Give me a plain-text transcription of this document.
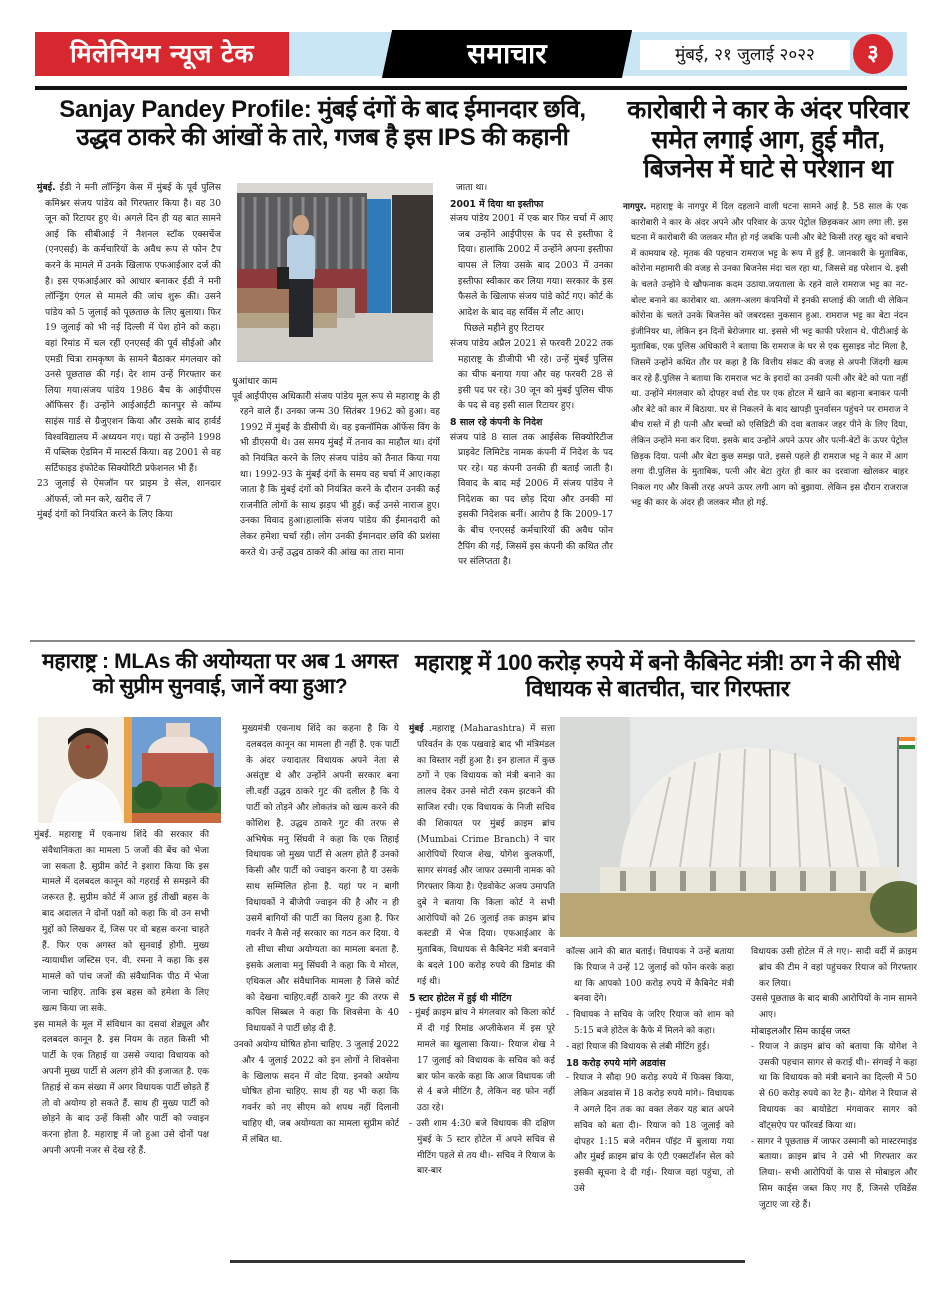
मिलेनियम न्यूज टेक	समाचार	मुंबई, २१ जुलाई २०२२	३
Sanjay Pandey Profile: मुंबई दंगों के बाद ईमानदार छवि, उद्धव ठाकरे की आंखों के तारे, गजब है इस IPS की कहानी

मुंबई. ईडी ने मनी लॉन्ड्रिंग केस में मुंबई के पूर्व पुलिस कमिश्नर संजय पांडेय को गिरफ्तार किया है। वह 30 जून को रिटायर हुए थे। अगले दिन ही यह बात सामने आई कि सीबीआई ने नैशनल स्टॉक एक्सचेंज (एनएसई) के कर्मचारियों के अवैध रूप से फोन टैप करने के मामले में उनके खिलाफ एफआईआर दर्ज की है। इस एफआईआर को आधार बनाकर ईडी ने मनी लॉन्ड्रिंग एंगल से मामले की जांच शुरू की। उसने पांडेय को 5 जुलाई को पूछताछ के लिए बुलाया। फिर 19 जुलाई को भी नई दिल्ली में पेश होने को कहा। वहां रिमांड में चल रहीं एनएसई की पूर्व सीईओ और एमडी चित्रा रामकृष्ण के सामने बैठाकर मंगलवार को उनसे पूछताछ की गई। देर शाम उन्हें गिरफ्तार कर लिया गया।संजय पांडेय 1986 बैच के आईपीएस ऑफिसर हैं। उन्होंने आईआईटी कानपुर से कॉम्प साइंस गार्ड से ग्रैजुएशन किया और उसके बाद हार्वर्ड विश्वविद्यालय में अध्ययन गए। यहां से उन्होंने 1998 में पब्लिक ऐडमिन में मास्टर्स किया। वह 2001 से वह सर्टिफाइड इंफोटेक सिक्योरिटी प्रफेशनल भी हैं।

23 जुलाई से ऐमजॉन पर प्राइम डे सेल, शानदार ऑफर्स, जो मन करे, खरीद लें 7

मुंबई दंगों को नियंत्रित करने के लिए किया

धुआंधार काम

पूर्व आईपीएस अधिकारी संजय पांडेय मूल रूप से महाराष्ट्र के ही रहने वाले हैं। उनका जन्म 30 सितंबर 1962 को हुआ। वह 1992 में मुंबई के डीसीपी थे। वह इकनॉमिक ऑफेंस विंग के भी डीएसपी थे। उस समय मुंबई में तनाव का माहौल था। दंगों को नियंत्रित करने के लिए संजय पांडेय को तैनात किया गया था। 1992-93 के मुंबई दंगों के समय वह चर्चा में आए।कहा जाता है कि मुंबई दंगों को नियंत्रित करने के दौरान उनकी कई राजनीति लोगों के साथ झड़प भी हुई। कई उनसे नाराज हुए। उनका विवाद हुआ।हालांकि संजय पांडेय की ईमानदारी को लेकर हमेशा चर्चा रही। लोग उनकी ईमानदार छवि की प्रशंसा करते थे। उन्हें उद्धव ठाकरे की आंख का तारा माना

जाता था।

2001 में दिया था इस्तीफा

संजय पांडेय 2001 में एक बार फिर चर्चा में आए जब उन्होंने आईपीएस के पद से इस्तीफा दे दिया। हालांकि 2002 में उन्होंने अपना इस्तीफा वापस ले लिया उसके बाद 2003 में उनका इस्तीफा स्वीकार कर लिया गया। सरकार के इस फैसले के खिलाफ संजय पांडे कोर्ट गए। कोर्ट के आदेश के बाद वह सर्विस में लौट आए।

पिछले महीने हुए रिटायर

संजय पांडेय अप्रैल 2021 से फरवरी 2022 तक महाराष्ट्र के डीजीपी भी रहे। उन्हें मुंबई पुलिस का चीफ बनाया गया और वह फरवरी 28 से इसी पद पर रहे। 30 जून को मुंबई पुलिस चीफ के पद से वह इसी साल रिटायर हुए।

8 साल रहे कंपनी के निदेश

संजय पांडे 8 साल तक आईसेक सिक्योरिटीज प्राइवेट लिमिटेड नामक कंपनी में निदेश के पद पर रहे। यह कंपनी उनकी ही बताई जाती है। विवाद के बाद मई 2006 में संजय पांडेय ने निदेशक का पद छोड़ दिया और उनकी मां इसकी निदेशक बनीं। आरोप है कि 2009-17 के बीच एनएसई कर्मचारियों की अवैध फोन टैपिंग की गई, जिसमें इस कंपनी की कथित तौर पर संलिप्तता है।

कारोबारी ने कार के अंदर परिवार समेत लगाई आग, हुई मौत, बिजनेस में घाटे से परेशान था

नागपुर. महाराष्ट्र के नागपुर में दिल दहलाने वाली घटना सामने आई है. 58 साल के एक कारोबारी ने कार के अंदर अपने और परिवार के ऊपर पेट्रोल छिड़ककर आग लगा ली. इस घटना में कारोबारी की जलकर मौत हो गई जबकि पत्नी और बेटे किसी तरह खुद को बचाने में कामयाब रहे. मृतक की पहचान रामराज भट्ट के रूप में हुई है. जानकारी के मुताबिक, कोरोना महामारी की वजह से उनका बिजनेस मंदा चल रहा था, जिससे वह परेशान थे. इसी के चलते उन्होंने ये खौफनाक कदम उठाया.जयताला के रहने वाले रामराज भट्ट का नट-बोल्ट बनाने का कारोबार था. अलग-अलग कंपनियों में इनकी सप्लाई की जाती थी लेकिन कोरोना के चलते उनके बिजनेस को जबरदस्त नुकसान हुआ. रामराज भट्ट का बेटा नंदन इंजीनियर था, लेकिन इन दिनों बेरोजगार था. इससे भी भट्ट काफी परेशान थे. पीटीआई के मुताबिक, एक पुलिस अधिकारी ने बताया कि रामराज के घर से एक सुसाइड नोट मिला है, जिसमें उन्होंने कथित तौर पर कहा है कि वित्तीय संकट की वजह से अपनी जिंदगी खत्म कर रहे हैं.पुलिस ने बताया कि रामराज भट के इरादों का उनकी पत्नी और बेटे को पता नहीं था. उन्होंने मंगलवार को दोपहर वर्धा रोड पर एक होटल में खाने का बहाना बनाकर पत्नी और बेटे को कार में बिठाया. घर से निकलने के बाद खापड़ी पुनर्वासन पहुंचने पर रामराज ने बीच रास्ते में ही पत्नी और बच्चों को एसिडिटी की दवा बताकर जहर पीने के लिए दिया, लेकिन उन्होंने मना कर दिया. इसके बाद उन्होंने अपने ऊपर और पत्नी-बेटों के ऊपर पेट्रोल छिड़क दिया. पत्नी और बेटा कुछ समझ पाते, इससे पहले ही रामराज भट्ट ने कार में आग लगा दी.पुलिस के मुताबिक, पत्नी और बेटा तुरंत ही कार का दरवाजा खोलकर बाहर निकल गए और किसी तरह अपने ऊपर लगी आग को बुझाया. लेकिन इस दौरान राजराज भट्ट की कार के अंदर ही जलकर मौत हो गई.

महाराष्ट्र : MLAs की अयोग्यता पर अब 1 अगस्त को सुप्रीम सुनवाई, जानें क्या हुआ?

मुंबई. महाराष्ट्र में एकनाथ शिंदे की सरकार की संवैधानिकता का मामला 5 जजों की बेंच को भेजा जा सकता है. सुप्रीम कोर्ट ने इशारा किया कि इस मामले में दलबदल कानून को गहराई से समझने की जरूरत है. सुप्रीम कोर्ट में आज हुई तीखी बहस के बाद अदालत ने दोनों पक्षों को कहा कि वो उन सभी मुद्दों को लिखकर दें, जिस पर वो बहस करना चाहते हैं. फिर एक अगस्त को सुनवाई होगी. मुख्य न्यायाधीश जस्टिस एन. वी. रमना ने कहा कि इस मामले को पांच जजों की संवैधानिक पीठ में भेजा जाना चाहिए. ताकि इस बहस को हमेशा के लिए खत्म किया जा सके.

इस मामले के मूल में संविधान का दसवां शेड्यूल और दलबदल कानून है. इस नियम के तहत किसी भी पार्टी के एक तिहाई या उससे ज्यादा विधायक को अपनी मुख्य पार्टी से अलग होने की इजाजत है. एक तिहाई से कम संख्या में अगर विधायक पार्टी छोड़ते हैं तो वो अयोग्य हो सकते हैं. साथ ही मुख्य पार्टी को छोड़ने के बाद उन्हें किसी और पार्टी को ज्वाइन करना होता है. महाराष्ट्र में जो हुआ उसे दोनों पक्ष अपनी अपनी नजर से देख रहे हैं.

मुख्यमंत्री एकनाथ शिंदे का कहना है कि ये दलबदल कानून का मामला ही नहीं है. एक पार्टी के अंदर ज्यादातर विधायक अपने नेता से असंतुष्ट थे और उन्होंने अपनी सरकार बना ली.वहीं उद्धव ठाकरे गुट की दलील है कि ये पार्टी को तोड़ने और लोकतंत्र को खत्म करने की कोशिश है. उद्धव ठाकरे गुट की तरफ से अभिषेक मनु सिंघवी ने कहा कि एक तिहाई विधायक जो मुख्य पार्टी से अलग होते हैं उनको किसी और पार्टी को ज्वाइन करना है या उसके साथ सम्मिलित होना है. यहां पर न बागी विधायकों ने बीजेपी ज्वाइन की है और न ही उसमें बागियों की पार्टी का विलय हुआ है. फिर गवर्नर ने कैसे नई सरकार का गठन कर दिया. ये तो सीधा सीधा अयोग्यता का मामला बनता है. इसके अलावा मनु सिंघवी ने कहा कि ये मोरल, एथिकल और संवैधानिक मामला है जिसे कोर्ट को देखना चाहिए.वहीं ठाकरे गुट की तरफ से कपिल सिब्बल ने कहा कि शिवसेना के 40 विधायकों ने पार्टी छोड़ दी है.

उनको अयोग्य घोषित होना चाहिए. 3 जुलाई 2022 और 4 जुलाई 2022 को इन लोगों ने शिवसेना के खिलाफ सदन में वोट दिया. इनको अयोग्य घोषित होना चाहिए. साथ ही यह भी कहा कि गवर्नर को नए सीएम को शपथ नहीं दिलानी चाहिए थी, जब अयोग्यता का मामला सुप्रीम कोर्ट में लंबित था.

महाराष्ट्र में 100 करोड़ रुपये में बनो कैबिनेट मंत्री! ठग ने की सीधे विधायक से बातचीत, चार गिरफ्तार

मुंबई .महाराष्ट्र (Maharashtra) में सत्ता परिवर्तन के एक पखवाड़े बाद भी मंत्रिमंडल का विस्तार नहीं हुआ है। इन हालात में कुछ ठगों ने एक विधायक को मंत्री बनाने का लालच देकर उनसे मोटी रकम झटकने की साजिश रची। एक विधायक के निजी सचिव की शिकायत पर मुंबई क्राइम ब्रांच (Mumbai Crime Branch) ने चार आरोपियों रियाज शेख, योगेश कुलकर्णी, सागर संगवई और जाफर उस्मानी नामक को गिरफ्तार किया है। ऐडवोकेट अजय उमापति दुबे ने बताया कि किला कोर्ट ने सभी आरोपियों को 26 जुलाई तक क्राइम ब्रांच कस्टडी में भेज दिया। एफआईआर के मुताबिक, विधायक से कैबिनेट मंत्री बनवाने के बदले 100 करोड़ रुपये की डिमांड की गई थी।

5 स्टार होटेल में हुई थी मीटिंग

- मुंबई क्राइम ब्रांच ने मंगलवार को किला कोर्ट में दी गई रिमांड अप्लीकेशन में इस पूरे मामले का खुलासा किया।- रियाज शेख ने 17 जुलाई को विधायक के सचिव को कई बार फोन करके कहा कि आज विधायक जी से 4 बजे मीटिंग है, लेकिन वह फोन नहीं उठा रहे।

- उसी शाम 4:30 बजे विधायक की दक्षिण मुंबई के 5 स्टार होटेल में अपने सचिव से मीटिंग पहले से तय थी।- सचिव ने रियाज के बार-बार

कॉल्स आने की बात बताई। विधायक ने उन्हें बताया कि रियाज ने उन्हें 12 जुलाई को फोन करके कहा था कि आपको 100 करोड़ रुपये में कैबिनेट मंत्री बनवा देंगे।

- विधायक ने सचिव के जरिए रियाज को शाम को 5:15 बजे होटेल के कैफे में मिलने को कहा।

- वहां रियाज की विधायक से लंबी मीटिंग हुई।

18 करोड़ रुपये मांगे अडवांस

- रियाज ने सौदा 90 करोड़ रुपये में फिक्स किया, लेकिन अडवांस में 18 करोड़ रुपये मांगे।- विधायक ने अगले दिन तक का वक्त लेकर यह बात अपने सचिव को बता दी।- रियाज को 18 जुलाई को दोपहर 1:15 बजे नरीमन पॉइंट में बुलाया गया और मुंबई क्राइम ब्रांच के एंटी एक्सटॉर्शन सेल को इसकी सूचना दे दी गई।- रियाज वहां पहुंचा, तो उसे

विधायक उसी होटेल में ले गए।- सादी वर्दी में क्राइम ब्रांच की टीम ने वहां पहुंचकर रियाज को गिरफ्तार कर लिया।

उससे पूछताछ के बाद बाकी आरोपियों के नाम सामने आए।

मोबाइलऔर सिम कार्ड्स जब्त

- रियाज ने क्राइम ब्रांच को बताया कि योगेश ने उसकी पहचान सागर से कराई थी।- संगवई ने कहा था कि विधायक को मंत्री बनाने का दिल्ली में 50 से 60 करोड़ रुपये का रेट है।- योगेश ने रियाज से विधायक का बायोडेटा मंगवाकर सागर को वॉट्सऐप पर फॉरवर्ड किया था।

- सागर ने पूछताछ में जाफर उस्मानी को मास्टरमाइंड बताया। क्राइम ब्रांच ने उसे भी गिरफ्तार कर लिया।- सभी आरोपियों के पास से मोबाइल और सिम कार्ड्स जब्त किए गए हैं, जिनसे एविडेंस जुटाए जा रहे हैं।
